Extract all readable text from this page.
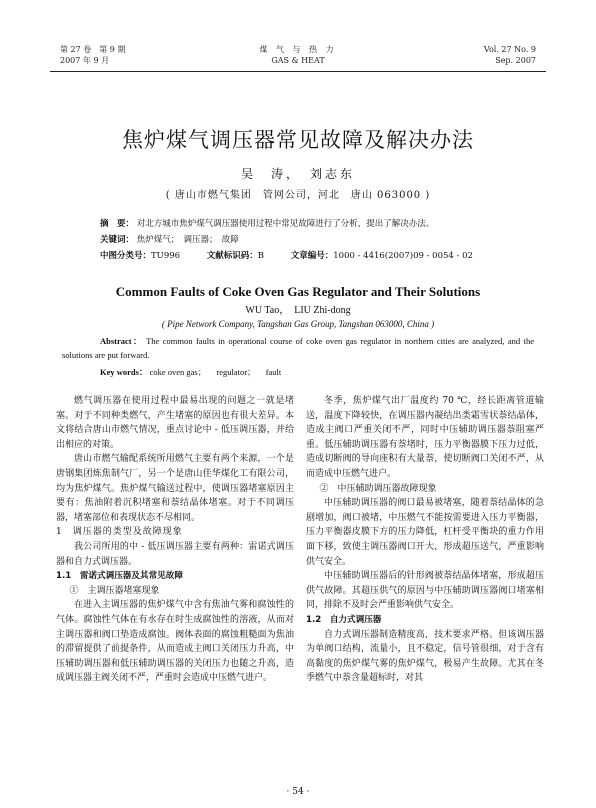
第 27 卷　第 9 期
2007 年 9 月
煤 气 与 热 力
GAS & HEAT
Vol. 27 No. 9
Sep. 2007
焦炉煤气调压器常见故障及解决办法
吴　涛，　刘志东
( 唐山市燃气集团　管网公司，河北　唐山 063000 )
摘　要： 对北方城市焦炉煤气调压器使用过程中常见故障进行了分析，提出了解决办法。
关键词： 焦炉煤气；　调压器；　故障
中图分类号：TU996	文献标识码：B	文章编号：1000 - 4416(2007)09 - 0054 - 02
Common Faults of Coke Oven Gas Regulator and Their Solutions
WU Tao，　LIU Zhi-dong
( Pipe Network Company, Tangshan Gas Group, Tangshan 063000, China )
Abstract： The common faults in operational course of coke oven gas regulator in northern cities are analyzed, and the solutions are put forward.
Key words： coke oven gas； regulator； fault

燃气调压器在使用过程中最易出现的问题之一就是堵塞。对于不同种类燃气，产生堵塞的原因也有很大差异。本文将结合唐山市燃气情况，重点讨论中 - 低压调压器，并给出相应的对策。

唐山市燃气输配系统所用燃气主要有两个来源，一个是唐钢集团炼焦制气厂，另一个是唐山佳华煤化工有限公司，均为焦炉煤气。焦炉煤气输送过程中，使调压器堵塞原因主要有：焦油附着沉积堵塞和萘结晶体堵塞。对于不同调压器，堵塞部位和表现状态不尽相同。

1　调压器的类型及故障现象

我公司所用的中 - 低压调压器主要有两种：雷诺式调压器和自力式调压器。

1.1　雷诺式调压器及其常见故障

①　主调压器堵塞现象

在进入主调压器的焦炉煤气中含有焦油气雾和腐蚀性的气体。腐蚀性气体在有水存在时生成腐蚀性的溶液，从而对主调压器和阀口垫造成腐蚀。阀体表面的腐蚀粗糙面为焦油的滞留提供了前提条件，从而造成主阀口关闭压力升高，中压辅助调压器和低压辅助调压器的关闭压力也随之升高，造成调压器主阀关闭不严，严重时会造成中压燃气进户。

冬季，焦炉煤气出厂温度约 70 ℃，经长距离管道输送，温度下降较快，在调压器内凝结出类霜雪状萘结晶体，造成主阀口严重关闭不严，同时中压辅助调压器萘阻塞严重。低压辅助调压器有萘堵时，压力平衡器膜下压力过低，造成切断阀的导向座积有大量萘，使切断阀口关闭不严，从而造成中压燃气进户。

②　中压辅助调压器故障现象

中压辅助调压器的阀口最易被堵塞，随着萘结晶体的急剧增加，阀口被堵，中压燃气不能按需要进入压力平衡器，压力平衡器皮膜下方的压力降低，杠杆受平衡块的重力作用面下移，致使主调压器阀口开大，形成超压送气，严重影响供气安全。

中压辅助调压器后的针形阀被萘结晶体堵塞，形成超压供气故障。其超压供气的原因与中压辅助调压器阀口堵塞相同，排除不及时会严重影响供气安全。

1.2　自力式调压器

自力式调压器制造精度高，技术要求严格。但该调压器为单阀口结构，流量小，且不稳定，信号管很细，对于含有高黏度的焦炉煤气雾的焦炉煤气，极易产生故障。尤其在冬季燃气中萘含量超标时，对其

· 54 ·
